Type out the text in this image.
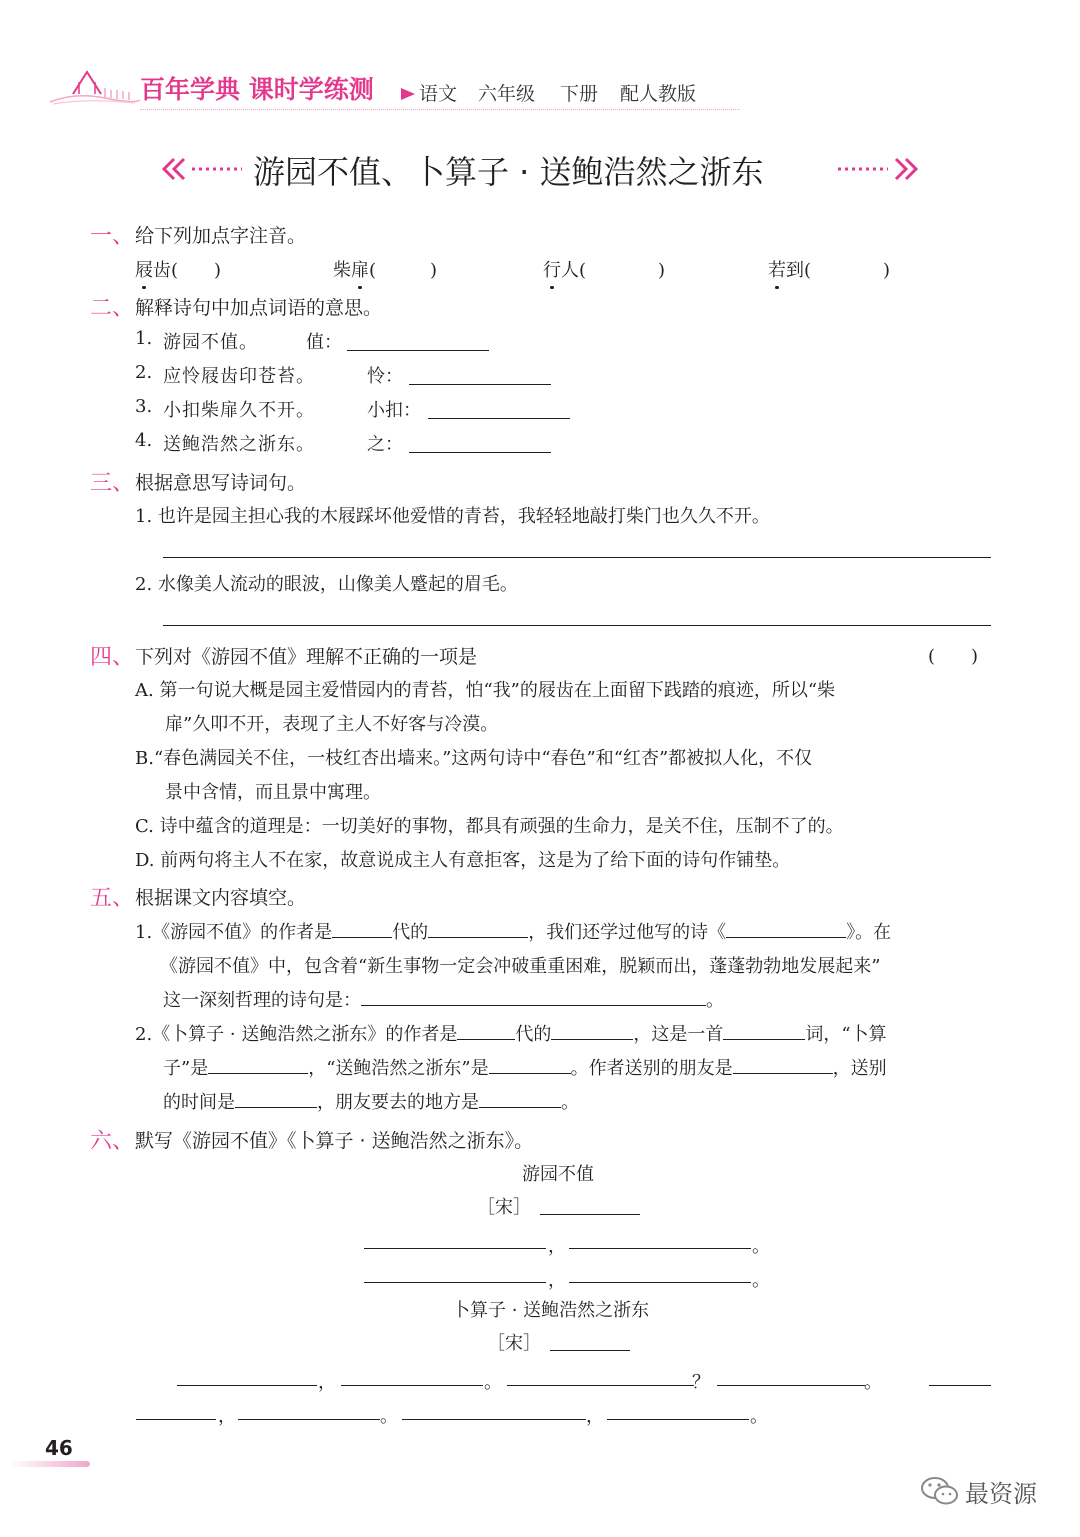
百年学典 课时学练测 语文 六年级 下册 配人教版
游园不值、卜算子 · 送鲍浩然之浙东
一、 给下列加点字注音。
屐齿(　　)	柴扉(　　　)	行人(　　　　)	若到(　　　　)
二、 解释诗句中加点词语的意思。
1. 游园不值。	值：
2. 应怜屐齿印苍苔。	怜：
3. 小扣柴扉久不开。	小扣：
4. 送鲍浩然之浙东。	之：
三、 根据意思写诗词句。
1. 也许是园主担心我的木屐踩坏他爱惜的青苔，我轻轻地敲打柴门也久久不开。
2. 水像美人流动的眼波，山像美人蹙起的眉毛。
四、 下列对《游园不值》理解不正确的一项是	(　　)
A. 第一句说大概是园主爱惜园内的青苔，怕“我”的屐齿在上面留下践踏的痕迹，所以“柴
扉”久叩不开，表现了主人不好客与冷漠。
B.“春色满园关不住，一枝红杏出墙来。”这两句诗中“春色”和“红杏”都被拟人化，不仅
景中含情，而且景中寓理。
C. 诗中蕴含的道理是：一切美好的事物，都具有顽强的生命力，是关不住，压制不了的。
D. 前两句将主人不在家，故意说成主人有意拒客，这是为了给下面的诗句作铺垫。
五、 根据课文内容填空。
1.《游园不值》的作者是	代的	，我们还学过他写的诗《	》。在
《游园不值》中，包含着“新生事物一定会冲破重重困难，脱颖而出，蓬蓬勃勃地发展起来”
这一深刻哲理的诗句是：	。
2.《卜算子 · 送鲍浩然之浙东》的作者是	代的	，这是一首	词，“卜算
子”是	，“送鲍浩然之浙东”是	。作者送别的朋友是	，送别
的时间是	，朋友要去的地方是	。
六、 默写《游园不值》《卜算子 · 送鲍浩然之浙东》。
游园不值
［宋］
，	。
，	。
卜算子 · 送鲍浩然之浙东
［宋］
，	。	？	。
，	。	，	。
46
最资源
